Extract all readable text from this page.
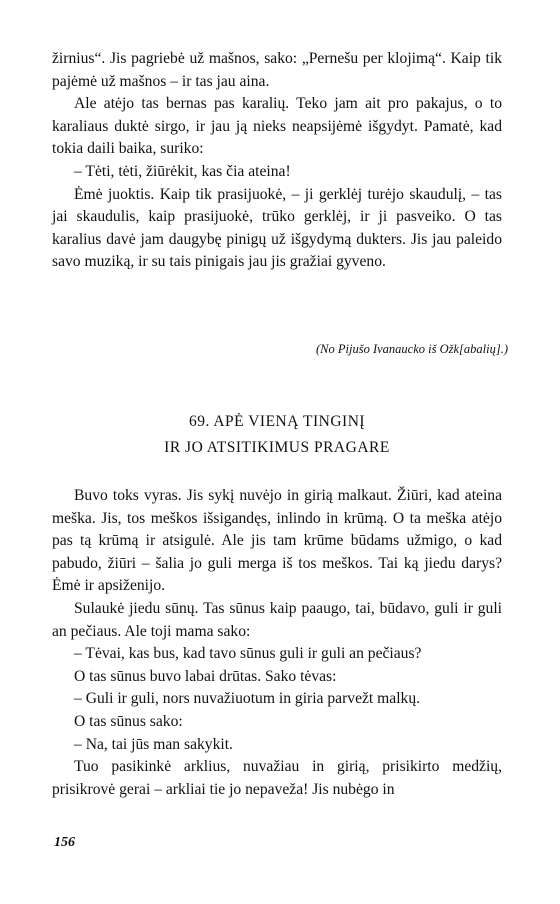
žirnius“. Jis pagriebė už mašnos, sako: „Pernešu per klojimą“. Kaip tik pajėmė už mašnos – ir tas jau aina.

Ale atėjo tas bernas pas karalių. Teko jam ait pro pakajus, o to karaliaus duktė sirgo, ir jau ją nieks neapsijėmė išgydyt. Pamatė, kad tokia daili baika, suriko:

– Tėti, tėti, žiūrėkit, kas čia ateina!

Ėmė juoktis. Kaip tik prasijuokė, – ji gerklėj turėjo skaudulį, – tas jai skaudulis, kaip prasijuokė, trūko gerklėj, ir ji pasveiko. O tas karalius davė jam daugybę pinigų už išgydymą dukters. Jis jau paleido savo muziką, ir su tais pinigais jau jis gražiai gyveno.

(No Pijušo Ivanaucko iš Ožk[abalių].)
69. APĖ VIENĄ TINGINĮ
IR JO ATSITIKIMUS PRAGARE

Buvo toks vyras. Jis sykį nuvėjo in girią malkaut. Žiūri, kad ateina meška. Jis, tos meškos išsigandęs, inlindo in krūmą. O ta meška atėjo pas tą krūmą ir atsigulė. Ale jis tam krūme būdams užmigo, o kad pabudo, žiūri – šalia jo guli merga iš tos meškos. Tai ką jiedu darys? Ėmė ir apsiženijo.

Sulaukė jiedu sūnų. Tas sūnus kaip paaugo, tai, būdavo, guli ir guli an pečiaus. Ale toji mama sako:

– Tėvai, kas bus, kad tavo sūnus guli ir guli an pečiaus?

O tas sūnus buvo labai drūtas. Sako tėvas:

– Guli ir guli, nors nuvažiuotum in giria parvežt malkų.

O tas sūnus sako:

– Na, tai jūs man sakykit.

Tuo pasikinkė arklius, nuvažiau in girią, prisikirto medžių, prisikrovė gerai – arkliai tie jo nepaveža! Jis nubėgo in

156
